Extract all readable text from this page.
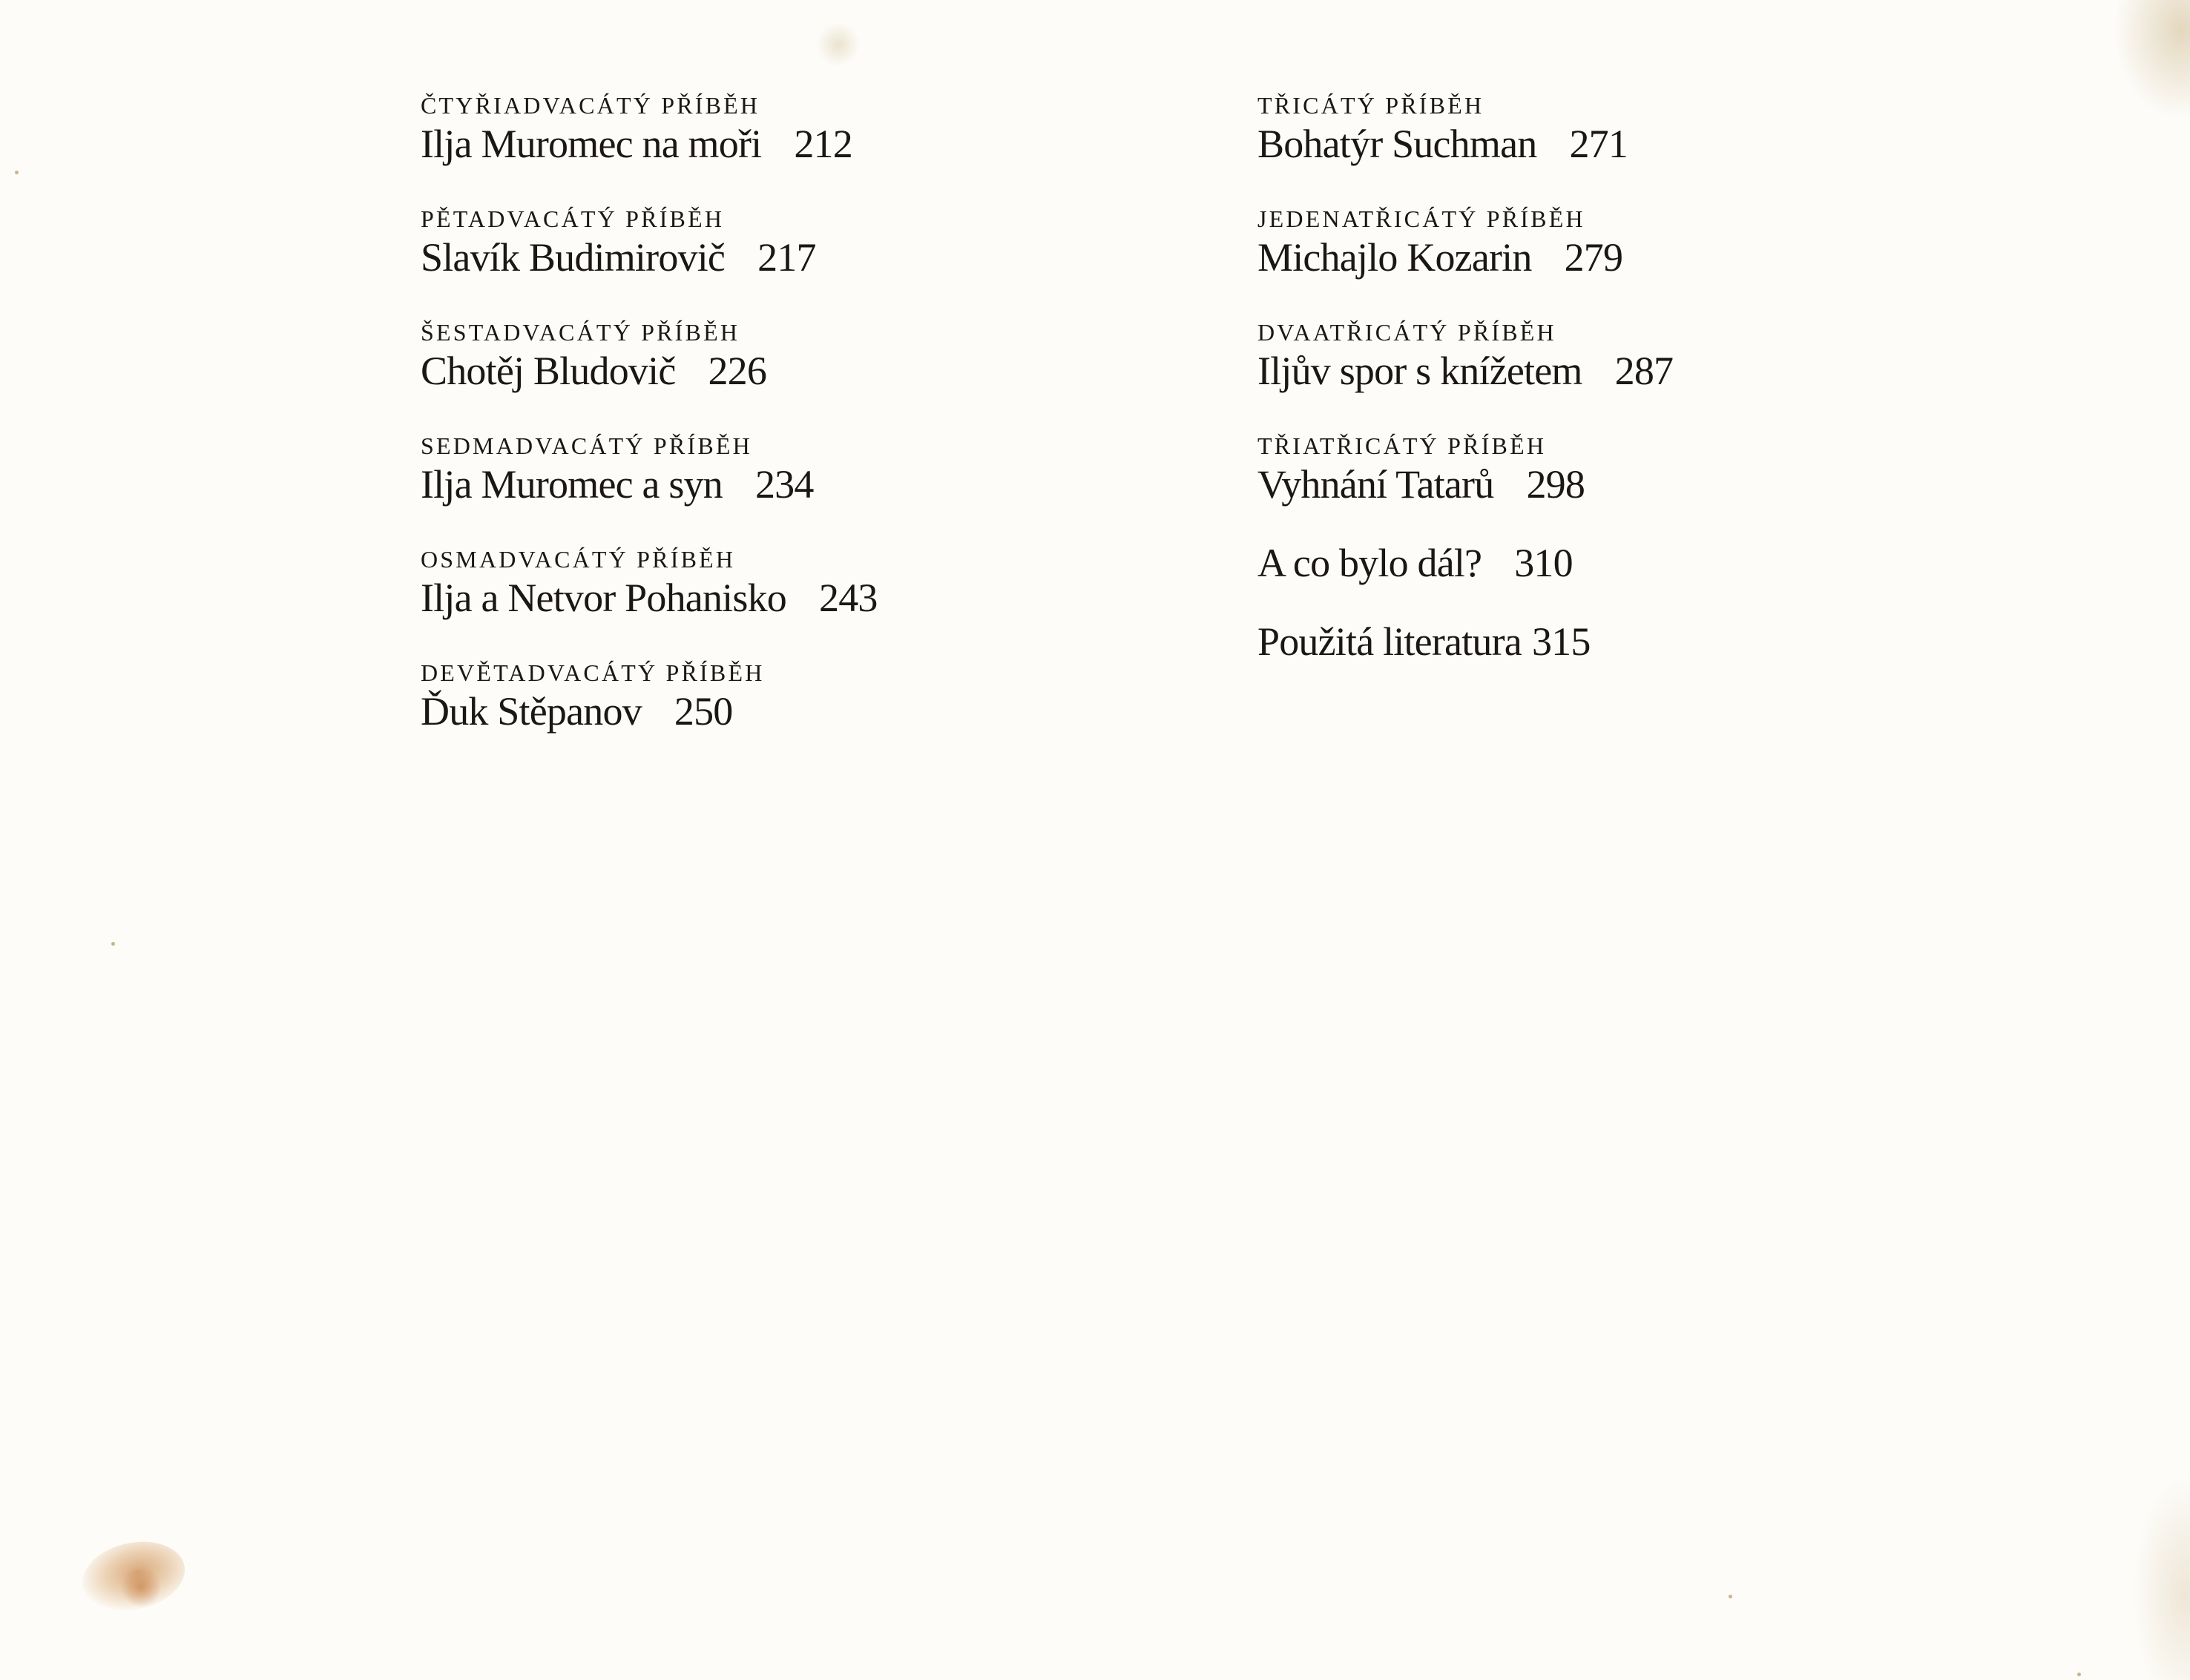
ČTYŘIADVACÁTÝ PŘÍBĚH
Ilja Muromec na moři 212
PĚTADVACÁTÝ PŘÍBĚH
Slavík Budimirovič 217
ŠESTADVACÁTÝ PŘÍBĚH
Chotěj Bludovič 226
SEDMADVACÁTÝ PŘÍBĚH
Ilja Muromec a syn 234
OSMADVACÁTÝ PŘÍBĚH
Ilja a Netvor Pohanisko 243
DEVĚTADVACÁTÝ PŘÍBĚH
Ďuk Stěpanov 250
TŘICÁTÝ PŘÍBĚH
Bohatýr Suchman 271
JEDENATŘICÁTÝ PŘÍBĚH
Michajlo Kozarin 279
DVAATŘICÁTÝ PŘÍBĚH
Iljův spor s knížetem 287
TŘIATŘICÁTÝ PŘÍBĚH
Vyhnání Tatarů 298
A co bylo dál? 310
Použitá literatura 315
